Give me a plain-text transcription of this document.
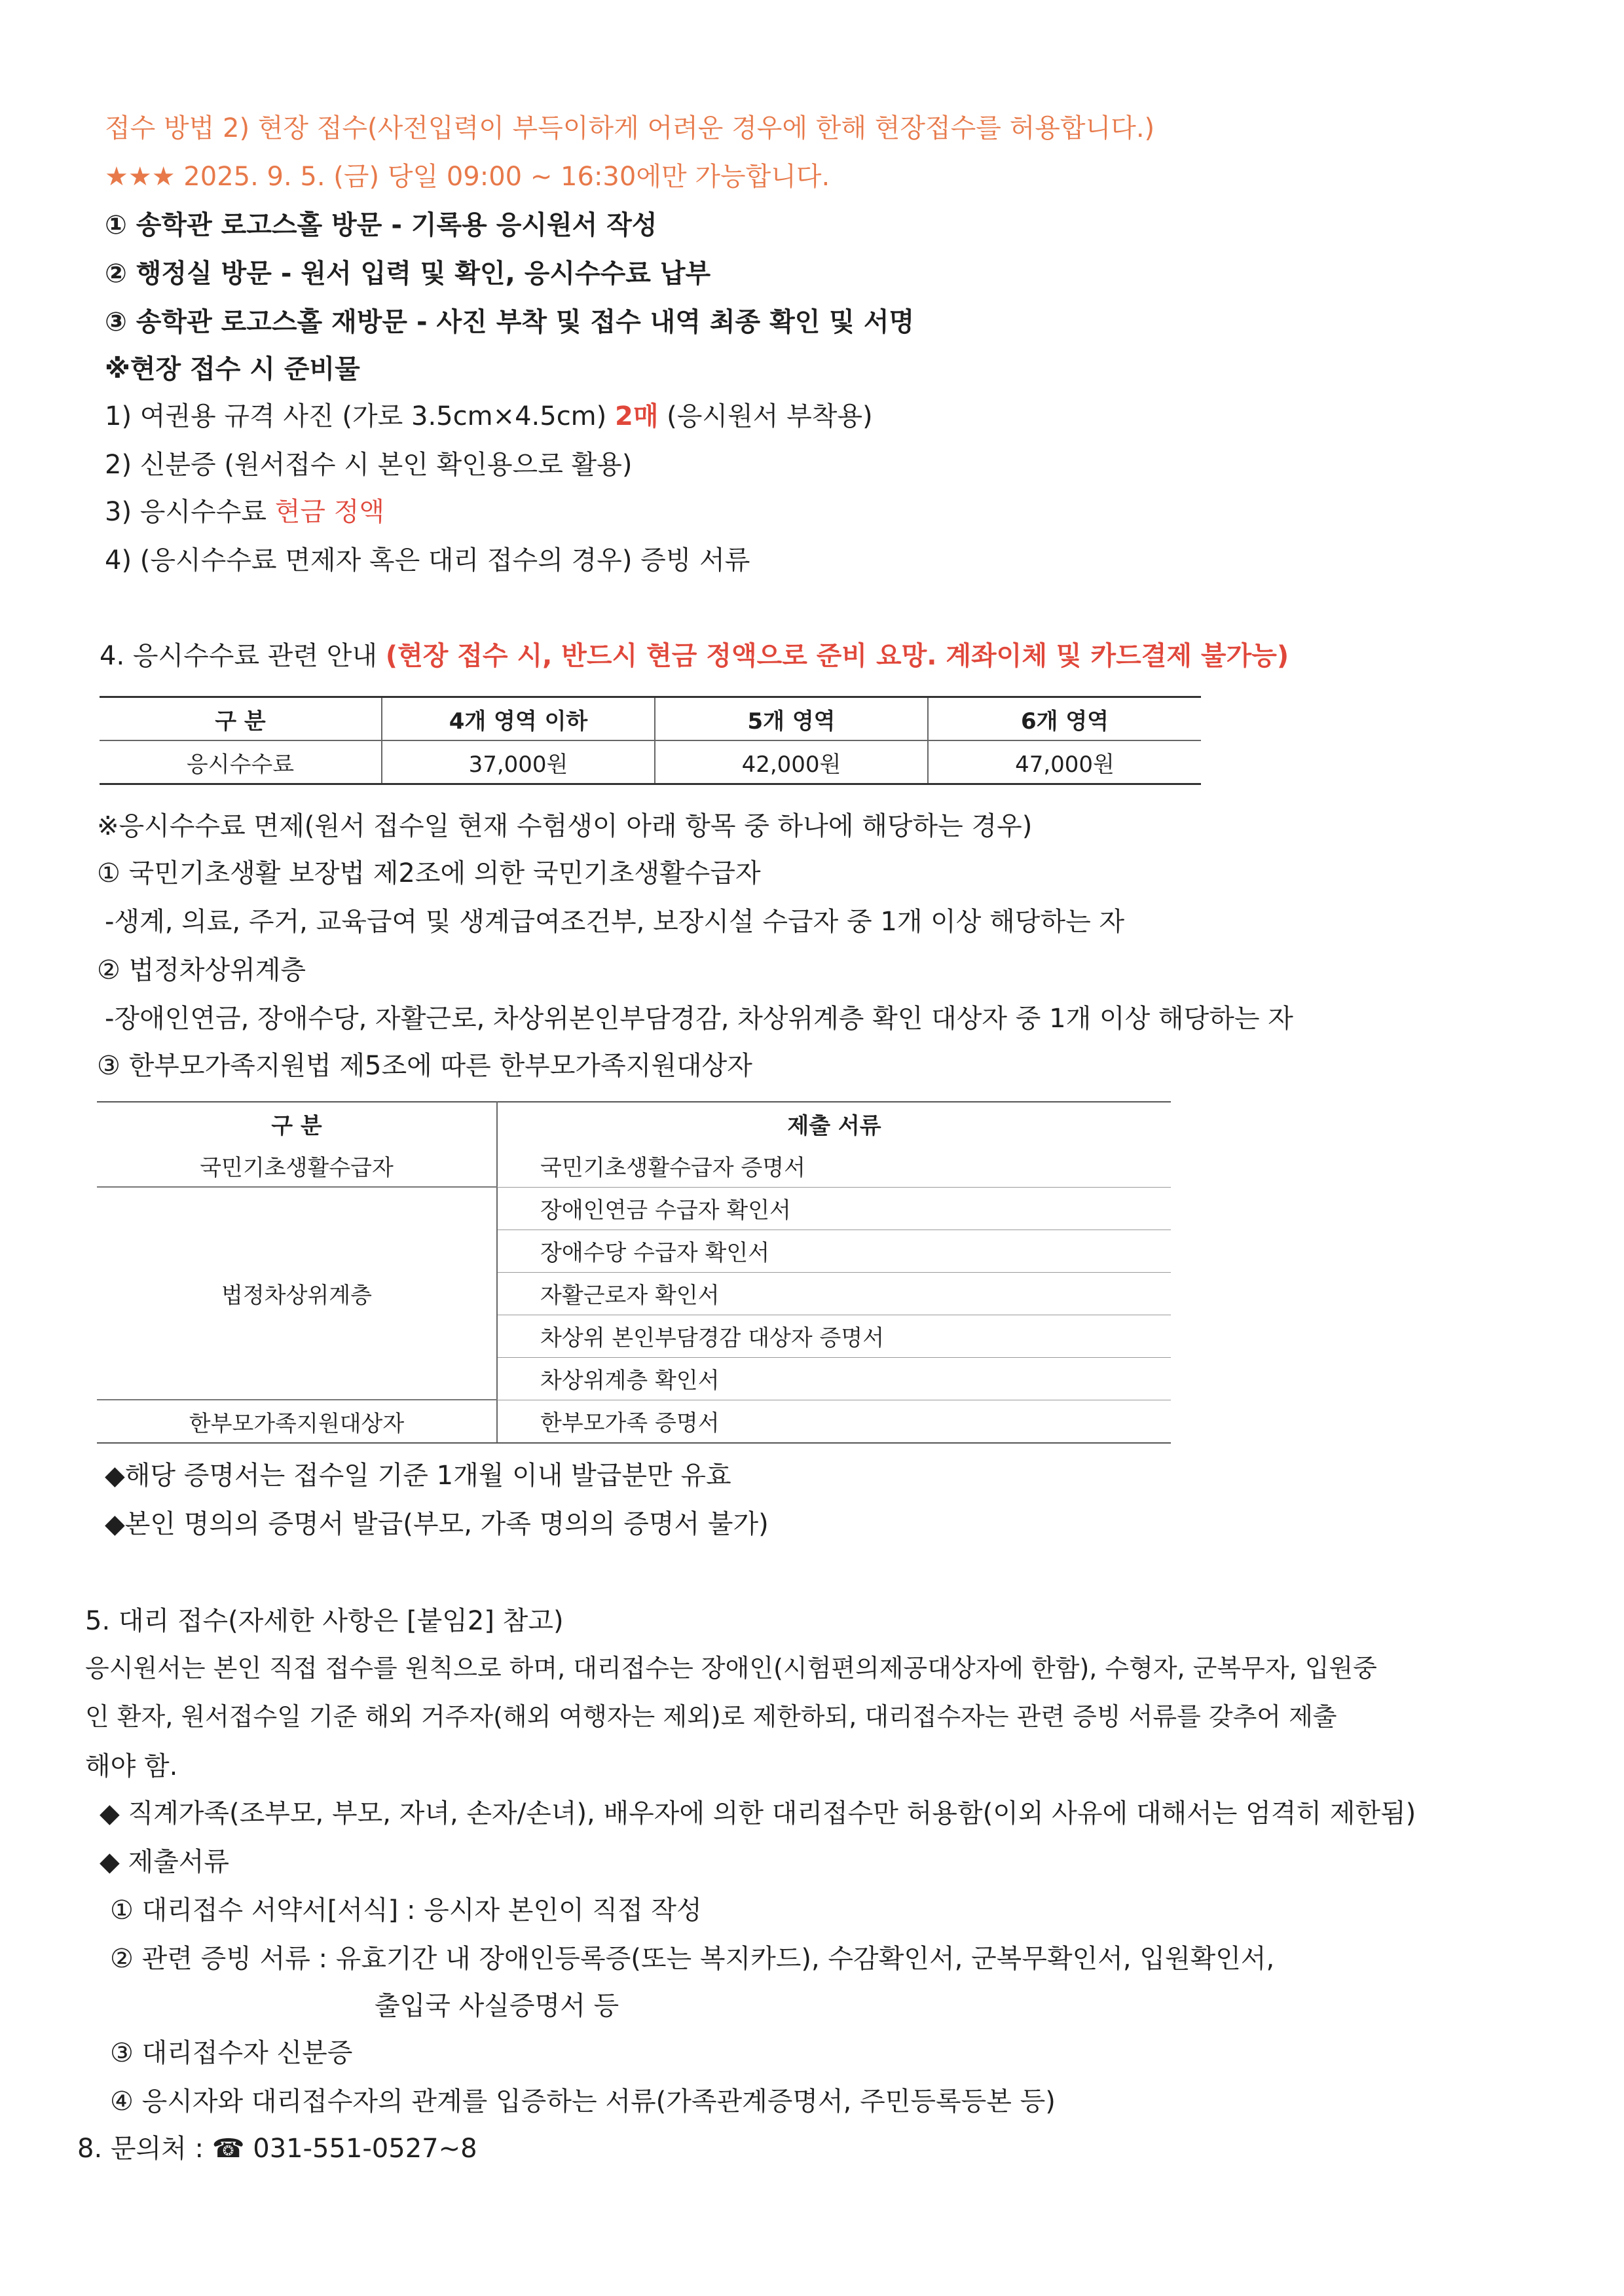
접수 방법 2) 현장 접수(사전입력이 부득이하게 어려운 경우에 한해 현장접수를 허용합니다.)
★★★ 2025. 9. 5. (금) 당일 09:00 ~ 16:30에만 가능합니다.
① 송학관 로고스홀 방문 - 기록용 응시원서 작성
② 행정실 방문 - 원서 입력 및 확인, 응시수수료 납부
③ 송학관 로고스홀 재방문 - 사진 부착 및 접수 내역 최종 확인 및 서명
※현장 접수 시 준비물
1) 여권용 규격 사진 (가로 3.5cm×4.5cm) 2매 (응시원서 부착용)
2) 신분증 (원서접수 시 본인 확인용으로 활용)
3) 응시수수료 현금 정액
4) (응시수수료 면제자 혹은 대리 접수의 경우) 증빙 서류
4. 응시수수료 관련 안내 (현장 접수 시, 반드시 현금 정액으로 준비 요망. 계좌이체 및 카드결제 불가능)
구 분	4개 영역 이하	5개 영역	6개 영역
응시수수료	37,000원	42,000원	47,000원
※응시수수료 면제(원서 접수일 현재 수험생이 아래 항목 중 하나에 해당하는 경우)
① 국민기초생활 보장법 제2조에 의한 국민기초생활수급자
-생계, 의료, 주거, 교육급여 및 생계급여조건부, 보장시설 수급자 중 1개 이상 해당하는 자
② 법정차상위계층
-장애인연금, 장애수당, 자활근로, 차상위본인부담경감, 차상위계층 확인 대상자 중 1개 이상 해당하는 자
③ 한부모가족지원법 제5조에 따른 한부모가족지원대상자
구 분	제출 서류
국민기초생활수급자	국민기초생활수급자 증명서
법정차상위계층	장애인연금 수급자 확인서
	장애수당 수급자 확인서
	자활근로자 확인서
	차상위 본인부담경감 대상자 증명서
	차상위계층 확인서
한부모가족지원대상자	한부모가족 증명서
◆해당 증명서는 접수일 기준 1개월 이내 발급분만 유효
◆본인 명의의 증명서 발급(부모, 가족 명의의 증명서 불가)
5. 대리 접수(자세한 사항은 [붙임2] 참고)
응시원서는 본인 직접 접수를 원칙으로 하며, 대리접수는 장애인(시험편의제공대상자에 한함), 수형자, 군복무자, 입원중
인 환자, 원서접수일 기준 해외 거주자(해외 여행자는 제외)로 제한하되, 대리접수자는 관련 증빙 서류를 갖추어 제출
해야 함.
◆ 직계가족(조부모, 부모, 자녀, 손자/손녀), 배우자에 의한 대리접수만 허용함(이외 사유에 대해서는 엄격히 제한됨)
◆ 제출서류
① 대리접수 서약서[서식] : 응시자 본인이 직접 작성
② 관련 증빙 서류 : 유효기간 내 장애인등록증(또는 복지카드), 수감확인서, 군복무확인서, 입원확인서,
출입국 사실증명서 등
③ 대리접수자 신분증
④ 응시자와 대리접수자의 관계를 입증하는 서류(가족관계증명서, 주민등록등본 등)
8. 문의처 : ☎ 031-551-0527~8
